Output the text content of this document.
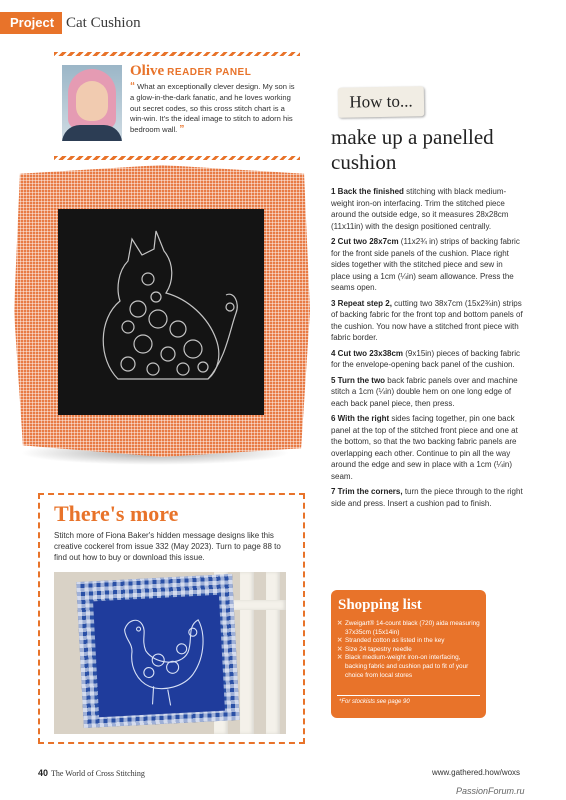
Project Cat Cushion
Olive READER PANEL
“ What an exceptionally clever design. My son is a glow-in-the-dark fanatic, and he loves working out secret codes, so this cross stitch chart is a win-win. It's the ideal image to stitch to adorn his bedroom wall. ”
How to...
make up a panelled cushion

1 Back the finished stitching with black medium-weight iron-on interfacing. Trim the stitched piece around the outside edge, so it measures 28x28cm (11x11in) with the design positioned centrally.

2 Cut two 28x7cm (11x2¾ in) strips of backing fabric for the front side panels of the cushion. Place right sides together with the stitched piece and sew in place using a 1cm (¼in) seam allowance. Press the seams open.

3 Repeat step 2, cutting two 38x7cm (15x2¾in) strips of backing fabric for the front top and bottom panels of the cushion. You now have a stitched front piece with fabric border.

4 Cut two 23x38cm (9x15in) pieces of backing fabric for the envelope-opening back panel of the cushion.

5 Turn the two back fabric panels over and machine stitch a 1cm (¼in) double hem on one long edge of each back panel piece, then press.

6 With the right sides facing together, pin one back panel at the top of the stitched front piece and one at the bottom, so that the two backing fabric panels are overlapping each other. Continue to pin all the way around the edge and sew in place with a 1cm (¼in) seam.

7 Trim the corners, turn the piece through to the right side and press. Insert a cushion pad to finish.

Shopping list
✕ Zweigart® 14-count black (720) aida measuring 37x35cm (15x14in)
✕ Stranded cotton as listed in the key
✕ Size 24 tapestry needle
✕ Black medium-weight iron-on interfacing, backing fabric and cushion pad to fit of your choice from local stores
*For stockists see page 90
There's more
Stitch more of Fiona Baker's hidden message designs like this creative cockerel from issue 332 (May 2023). Turn to page 88 to find out how to buy or download this issue.
40 The World of Cross Stitching	www.gathered.how/woxs
PassionForum.ru
